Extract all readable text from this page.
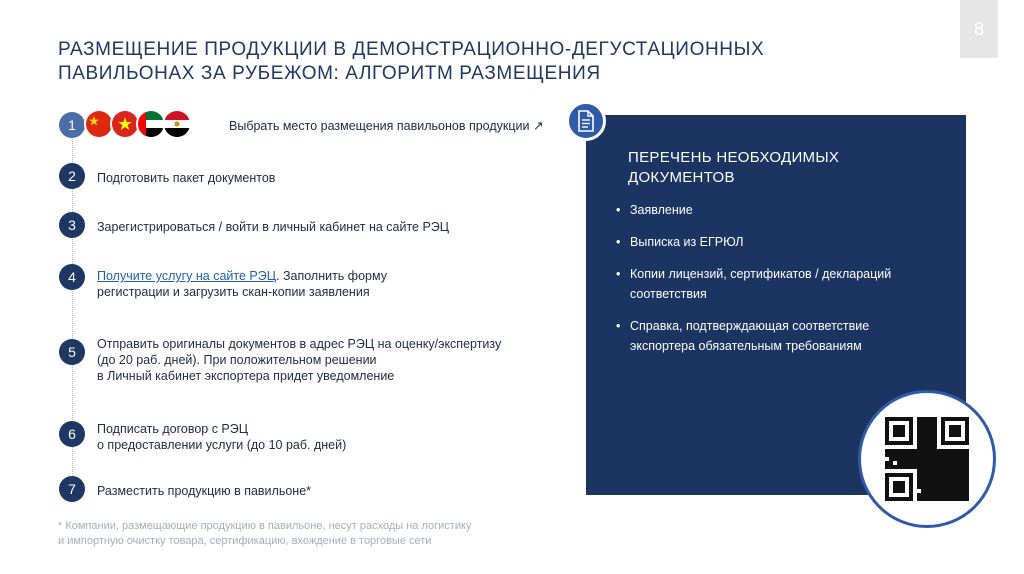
8
РАЗМЕЩЕНИЕ ПРОДУКЦИИ В ДЕМОНСТРАЦИОННО-ДЕГУСТАЦИОННЫХ ПАВИЛЬОНАХ ЗА РУБЕЖОМ: АЛГОРИТМ РАЗМЕЩЕНИЯ
1	Выбрать место размещения павильонов продукции ↗
2	Подготовить пакет документов
3	Зарегистрироваться / войти в личный кабинет на сайте РЭЦ
4	Получите услугу на сайте РЭЦ. Заполнить форму
регистрации и загрузить скан-копии заявления
5	Отправить оригиналы документов в адрес РЭЦ на оценку/экспертизу
(до 20 раб. дней). При положительном решении
в Личный кабинет экспортера придет уведомление
6	Подписать договор с РЭЦ
о предоставлении услуги (до 10 раб. дней)
7	Разместить продукцию в павильоне*
ПЕРЕЧЕНЬ НЕОБХОДИМЫХ ДОКУМЕНТОВ
• Заявление
• Выписка из ЕГРЮЛ
• Копии лицензий, сертификатов / деклараций соответствия
• Справка, подтверждающая соответствие экспортера обязательным требованиям
* Компании, размещающие продукцию в павильоне, несут расходы на логистику
и импортную очистку товара, сертификацию, вхождение в торговые сети
